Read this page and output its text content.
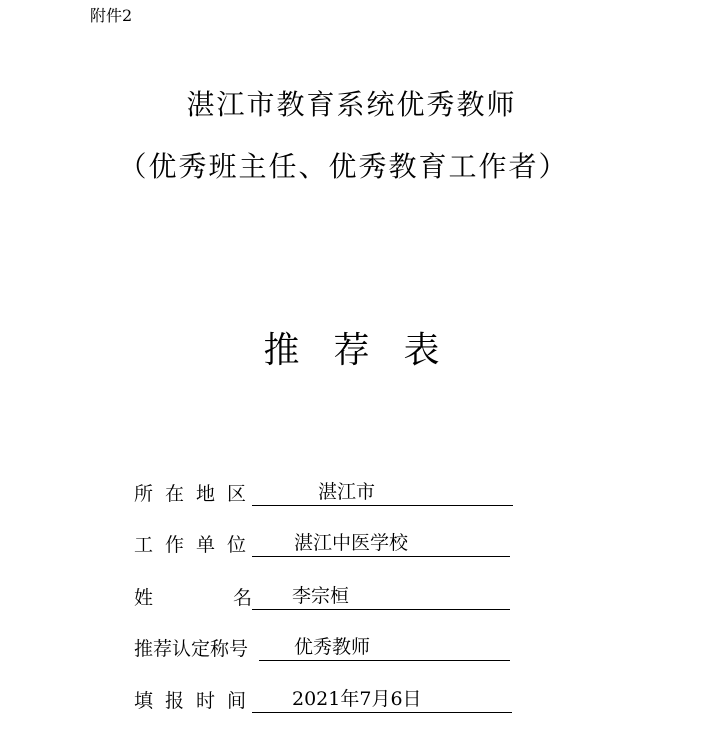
附件2
湛江市教育系统优秀教师
（优秀班主任、优秀教育工作者）
推荐表
所在地区	湛江市
工作单位	湛江中医学校
姓	名	李宗桓
推荐认定称号	优秀教师
填报时间	2021年7月6日
